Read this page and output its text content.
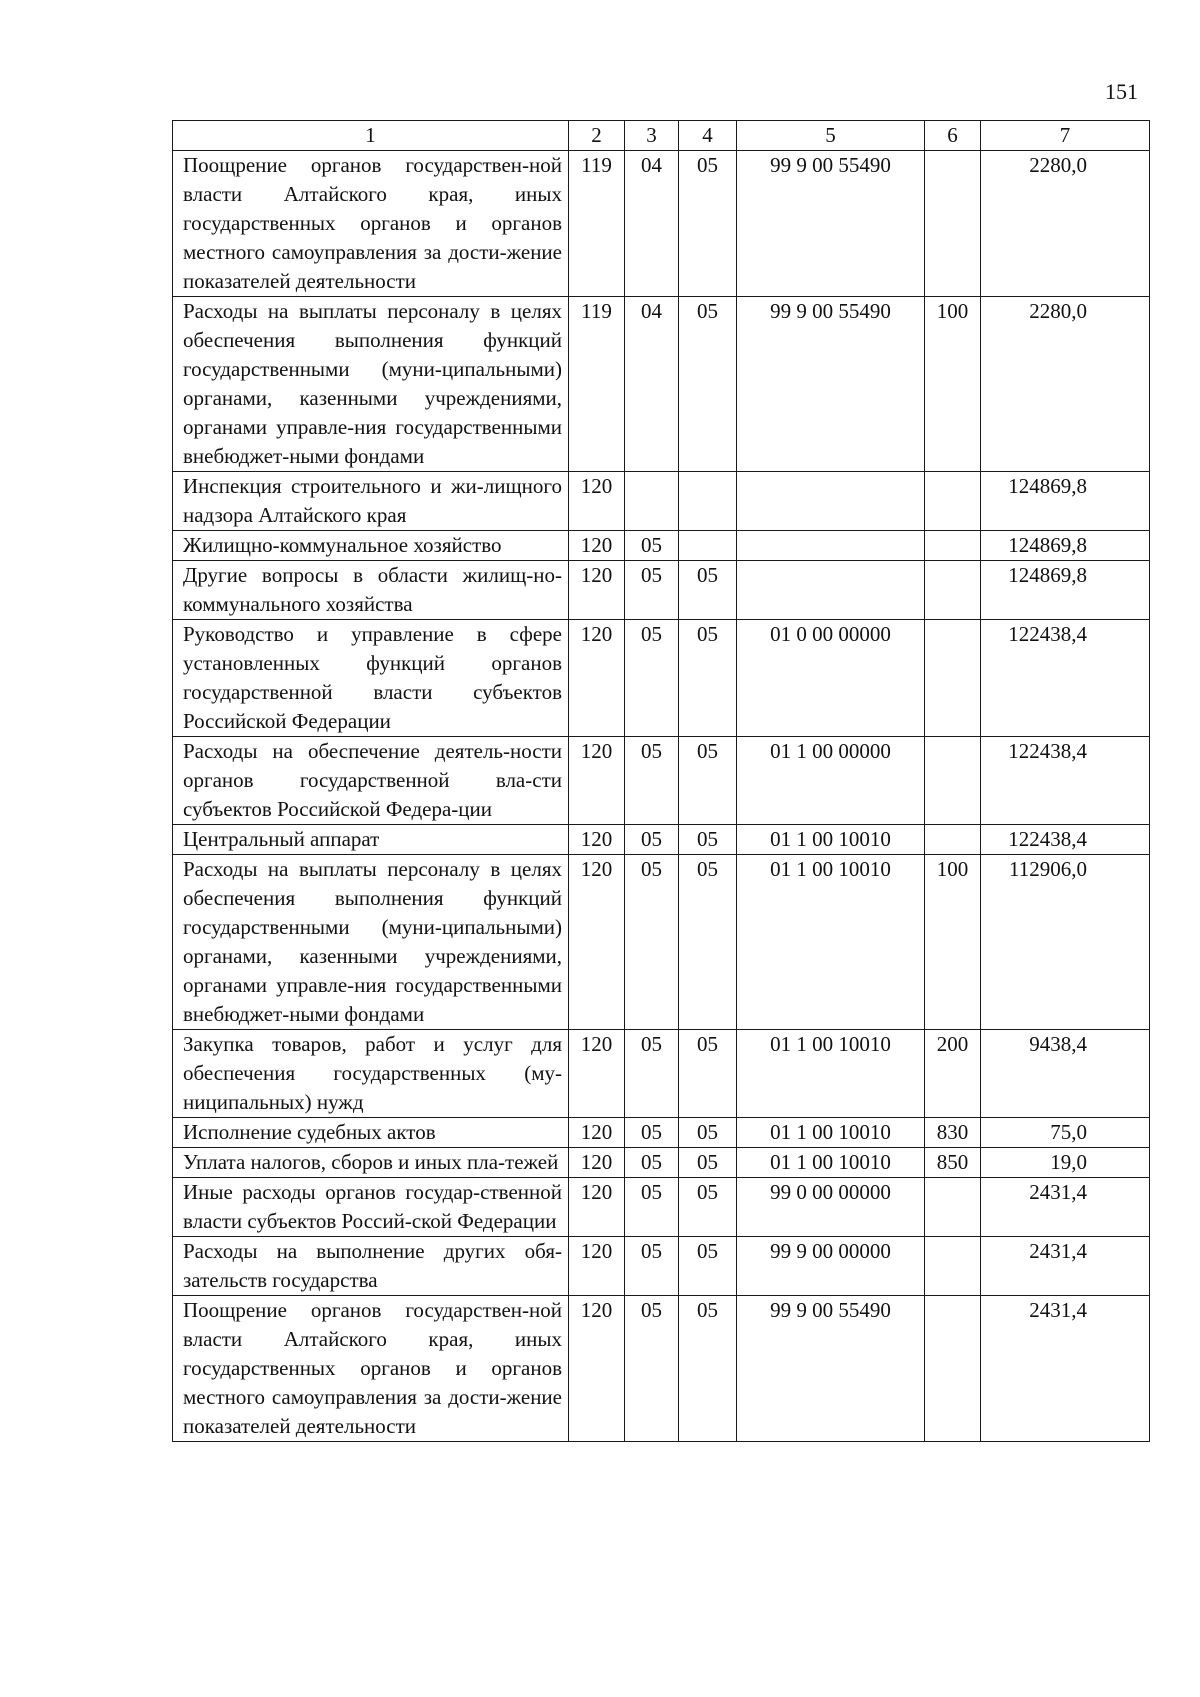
151
1	2	3	4	5	6	7
Поощрение органов государствен-ной власти Алтайского края, иных государственных органов и органов местного самоуправления за дости-жение показателей деятельности	119	04	05	99 9 00 55490		2280,0
Расходы на выплаты персоналу в целях обеспечения выполнения функций государственными (муни-ципальными) органами, казенными учреждениями, органами управле-ния государственными внебюджет-ными фондами	119	04	05	99 9 00 55490	100	2280,0
Инспекция строительного и жи-лищного надзора Алтайского края	120					124869,8
Жилищно-коммунальное хозяйство	120	05				124869,8
Другие вопросы в области жилищ-но-коммунального хозяйства	120	05	05			124869,8
Руководство и управление в сфере установленных функций органов государственной власти субъектов Российской Федерации	120	05	05	01 0 00 00000		122438,4
Расходы на обеспечение деятель-ности органов государственной вла-сти субъектов Российской Федера-ции	120	05	05	01 1 00 00000		122438,4
Центральный аппарат	120	05	05	01 1 00 10010		122438,4
Расходы на выплаты персоналу в целях обеспечения выполнения функций государственными (муни-ципальными) органами, казенными учреждениями, органами управле-ния государственными внебюджет-ными фондами	120	05	05	01 1 00 10010	100	112906,0
Закупка товаров, работ и услуг для обеспечения государственных (му-ниципальных) нужд	120	05	05	01 1 00 10010	200	9438,4
Исполнение судебных актов	120	05	05	01 1 00 10010	830	75,0
Уплата налогов, сборов и иных пла-тежей	120	05	05	01 1 00 10010	850	19,0
Иные расходы органов государ-ственной власти субъектов Россий-ской Федерации	120	05	05	99 0 00 00000		2431,4
Расходы на выполнение других обя-зательств государства	120	05	05	99 9 00 00000		2431,4
Поощрение органов государствен-ной власти Алтайского края, иных государственных органов и органов местного самоуправления за дости-жение показателей деятельности	120	05	05	99 9 00 55490		2431,4
